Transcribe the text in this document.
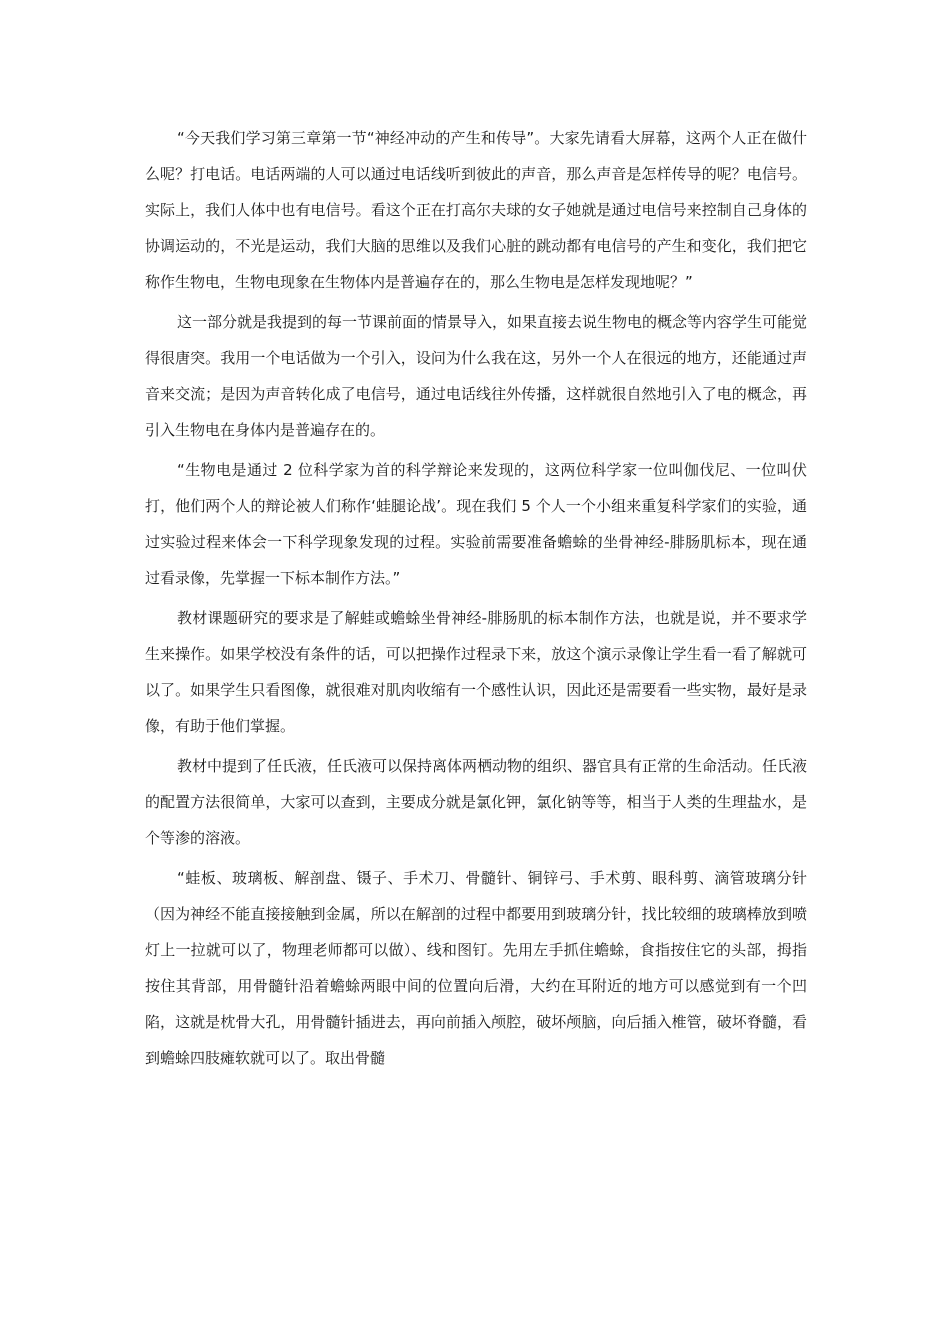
“今天我们学习第三章第一节“神经冲动的产生和传导”。大家先请看大屏幕，这两个人正在做什么呢？打电话。电话两端的人可以通过电话线听到彼此的声音，那么声音是怎样传导的呢？电信号。实际上，我们人体中也有电信号。看这个正在打高尔夫球的女子她就是通过电信号来控制自己身体的协调运动的，不光是运动，我们大脑的思维以及我们心脏的跳动都有电信号的产生和变化，我们把它称作生物电，生物电现象在生物体内是普遍存在的，那么生物电是怎样发现地呢？”

这一部分就是我提到的每一节课前面的情景导入，如果直接去说生物电的概念等内容学生可能觉得很唐突。我用一个电话做为一个引入，设问为什么我在这，另外一个人在很远的地方，还能通过声音来交流；是因为声音转化成了电信号，通过电话线往外传播，这样就很自然地引入了电的概念，再引入生物电在身体内是普遍存在的。

“生物电是通过 2 位科学家为首的科学辩论来发现的，这两位科学家一位叫伽伐尼、一位叫伏打，他们两个人的辩论被人们称作‘蛙腿论战’。现在我们 5 个人一个小组来重复科学家们的实验，通过实验过程来体会一下科学现象发现的过程。实验前需要准备蟾蜍的坐骨神经-腓肠肌标本，现在通过看录像，先掌握一下标本制作方法。”

教材课题研究的要求是了解蛙或蟾蜍坐骨神经-腓肠肌的标本制作方法，也就是说，并不要求学生来操作。如果学校没有条件的话，可以把操作过程录下来，放这个演示录像让学生看一看了解就可以了。如果学生只看图像，就很难对肌肉收缩有一个感性认识，因此还是需要看一些实物，最好是录像，有助于他们掌握。

教材中提到了任氏液，任氏液可以保持离体两栖动物的组织、器官具有正常的生命活动。任氏液的配置方法很简单，大家可以查到，主要成分就是氯化钾，氯化钠等等，相当于人类的生理盐水，是个等渗的溶液。

“蛙板、玻璃板、解剖盘、镊子、手术刀、骨髓针、铜锌弓、手术剪、眼科剪、滴管玻璃分针（因为神经不能直接接触到金属，所以在解剖的过程中都要用到玻璃分针，找比较细的玻璃棒放到喷灯上一拉就可以了，物理老师都可以做）、线和图钉。先用左手抓住蟾蜍，食指按住它的头部，拇指按住其背部，用骨髓针沿着蟾蜍两眼中间的位置向后滑，大约在耳附近的地方可以感觉到有一个凹陷，这就是枕骨大孔，用骨髓针插进去，再向前插入颅腔，破坏颅脑，向后插入椎管，破坏脊髓，看到蟾蜍四肢瘫软就可以了。取出骨髓
